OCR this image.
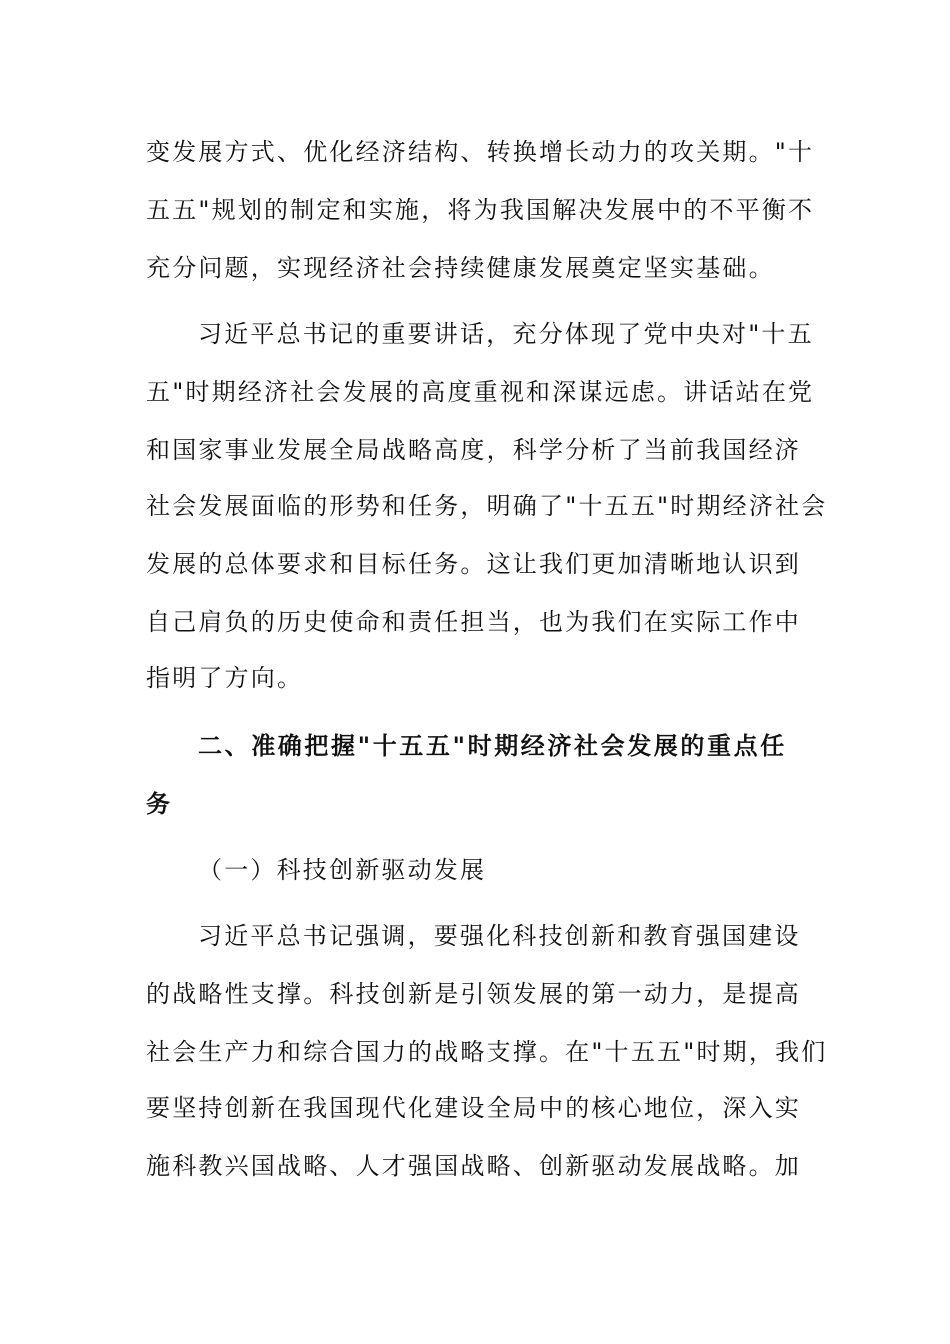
变发展方式、优化经济结构、转换增长动力的攻关期。"十
五五"规划的制定和实施，将为我国解决发展中的不平衡不
充分问题，实现经济社会持续健康发展奠定坚实基础。
习近平总书记的重要讲话，充分体现了党中央对"十五
五"时期经济社会发展的高度重视和深谋远虑。讲话站在党
和国家事业发展全局战略高度，科学分析了当前我国经济
社会发展面临的形势和任务，明确了"十五五"时期经济社会
发展的总体要求和目标任务。这让我们更加清晰地认识到
自己肩负的历史使命和责任担当，也为我们在实际工作中
指明了方向。
二、准确把握"十五五"时期经济社会发展的重点任
务
（一）科技创新驱动发展
习近平总书记强调，要强化科技创新和教育强国建设
的战略性支撑。科技创新是引领发展的第一动力，是提高
社会生产力和综合国力的战略支撑。在"十五五"时期，我们
要坚持创新在我国现代化建设全局中的核心地位，深入实
施科教兴国战略、人才强国战略、创新驱动发展战略。加
